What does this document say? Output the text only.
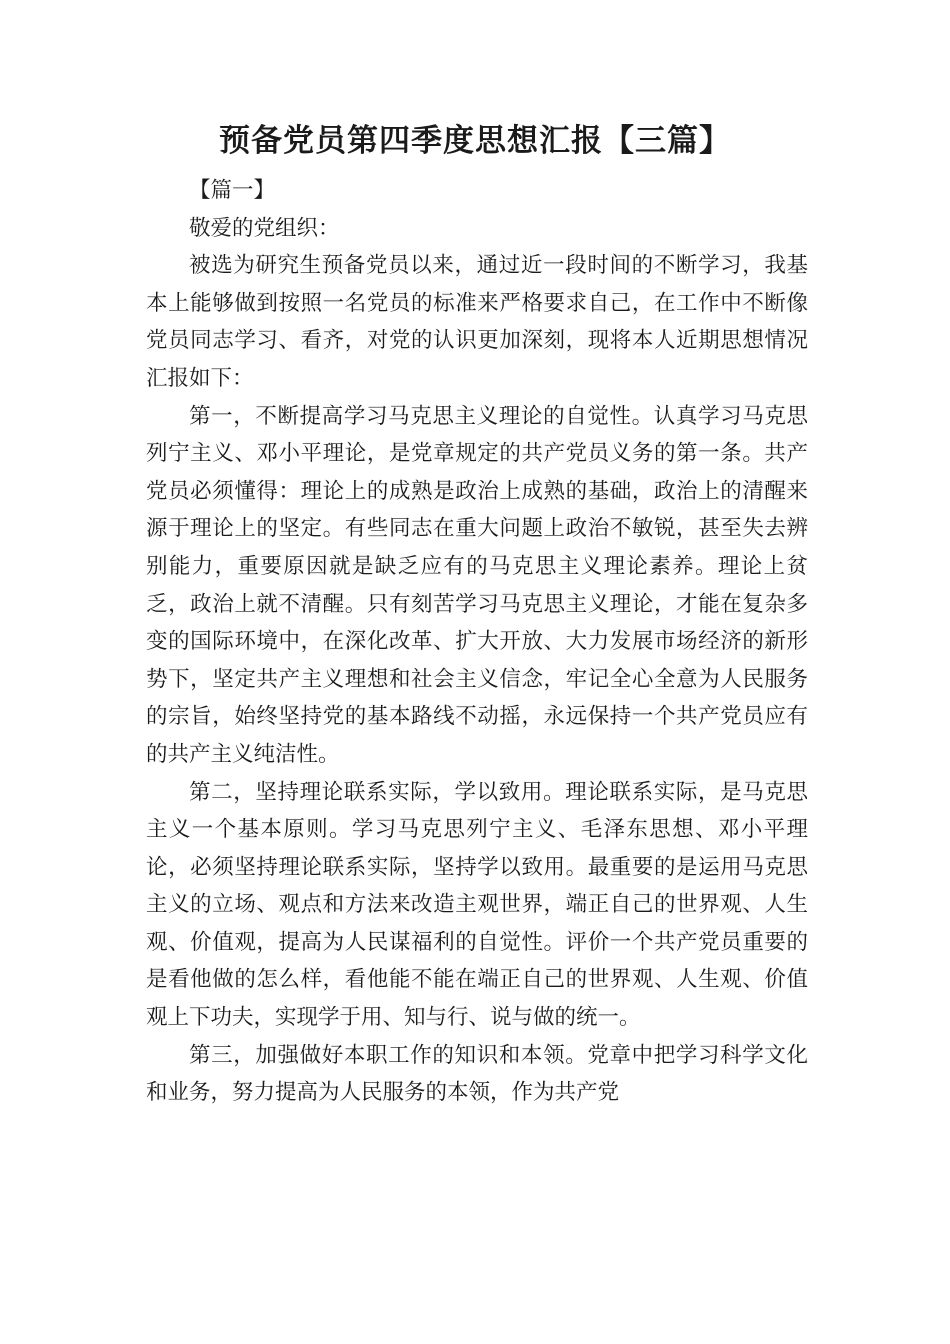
预备党员第四季度思想汇报【三篇】

【篇一】

敬爱的党组织：

被选为研究生预备党员以来，通过近一段时间的不断学习，我基本上能够做到按照一名党员的标准来严格要求自己，在工作中不断像党员同志学习、看齐，对党的认识更加深刻，现将本人近期思想情况汇报如下：

第一，不断提高学习马克思主义理论的自觉性。认真学习马克思列宁主义、邓小平理论，是党章规定的共产党员义务的第一条。共产党员必须懂得：理论上的成熟是政治上成熟的基础，政治上的清醒来源于理论上的坚定。有些同志在重大问题上政治不敏锐，甚至失去辨别能力，重要原因就是缺乏应有的马克思主义理论素养。理论上贫乏，政治上就不清醒。只有刻苦学习马克思主义理论，才能在复杂多变的国际环境中，在深化改革、扩大开放、大力发展市场经济的新形势下，坚定共产主义理想和社会主义信念，牢记全心全意为人民服务的宗旨，始终坚持党的基本路线不动摇，永远保持一个共产党员应有的共产主义纯洁性。

第二，坚持理论联系实际，学以致用。理论联系实际，是马克思主义一个基本原则。学习马克思列宁主义、毛泽东思想、邓小平理论，必须坚持理论联系实际，坚持学以致用。最重要的是运用马克思主义的立场、观点和方法来改造主观世界，端正自己的世界观、人生观、价值观，提高为人民谋福利的自觉性。评价一个共产党员重要的是看他做的怎么样，看他能不能在端正自己的世界观、人生观、价值观上下功夫，实现学于用、知与行、说与做的统一。

第三，加强做好本职工作的知识和本领。党章中把学习科学文化和业务，努力提高为人民服务的本领，作为共产党
